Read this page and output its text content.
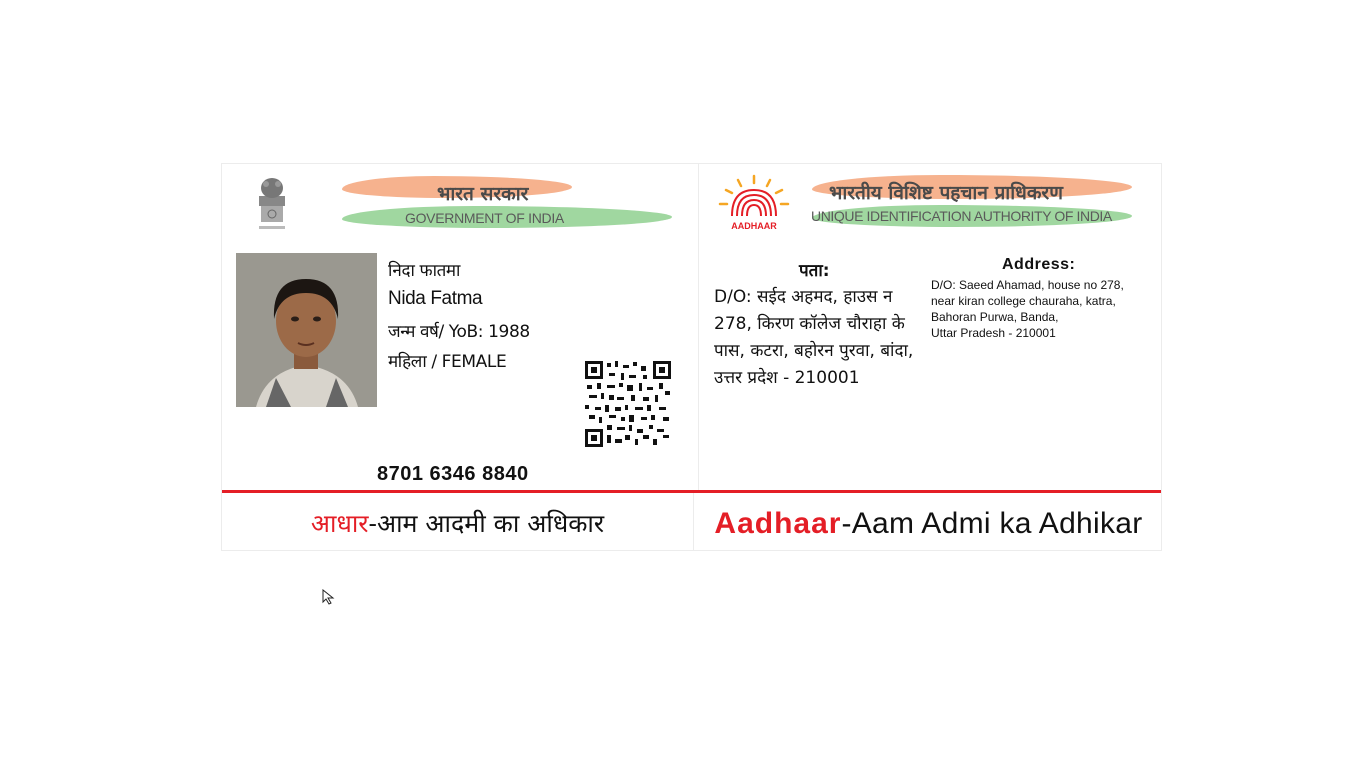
भारत सरकार
GOVERNMENT OF INDIA
निदा फातमा
Nida Fatma
जन्म वर्ष/ YoB: 1988
महिला / FEMALE
8701 6346 8840
AADHAAR
भारतीय विशिष्ट पहचान प्राधिकरण
UNIQUE IDENTIFICATION AUTHORITY OF INDIA
पता:
D/O: सईद अहमद, हाउस न 278, किरण कॉलेज चौराहा के पास, कटरा, बहोरन पुरवा, बांदा, उत्तर प्रदेश - 210001
Address:
D/O: Saeed Ahamad, house no 278,
near kiran college chauraha, katra,
Bahoran Purwa, Banda,
Uttar Pradesh - 210001
आधार-आम आदमी का अधिकार	Aadhaar-Aam Admi ka Adhikar
